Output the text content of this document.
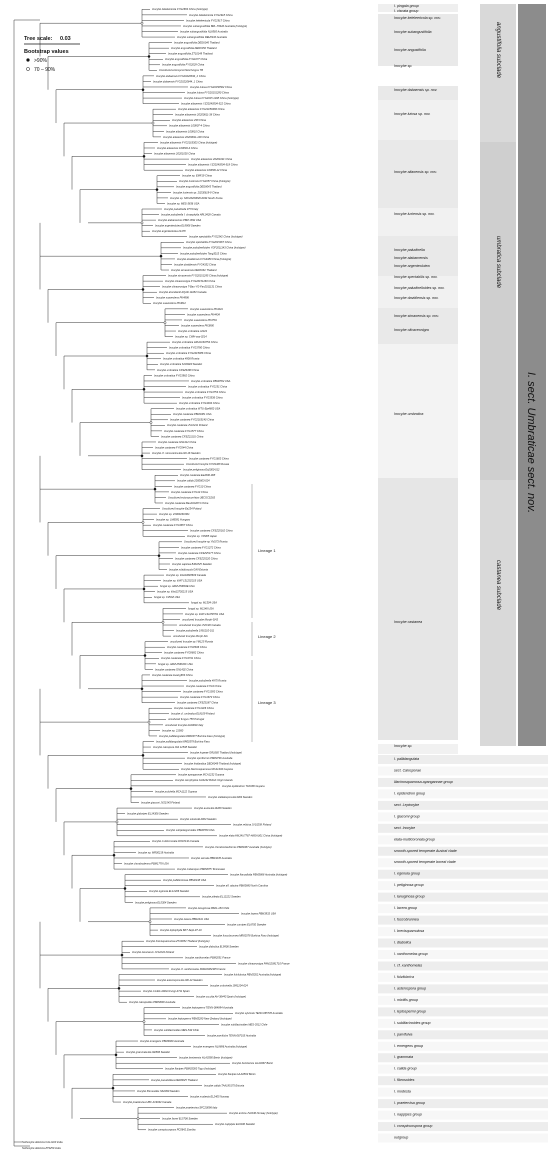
Inocybe keleleericola FYG2684 China (holotype)
Inocybe keleleericola FYG2918 China
Inocybe keleleericola FYG2917 China
Inocybe subangustifolia BRL-T6420 Australia (holotype)
Inocybe subangustifolia NL8565 Australia
Inocybe subangustifolia REH8310 Australia
Inocybe angustifolia DED8146 Thailand
Inocybe angustifolia DED8150 Thailand
Inocybe angustifolia ZT10149 Thailand
Inocybe angustifolia FYG1077 China
Inocybe angustifolia FYG2029 China
Uncultured ectomycorrhizal fungus TB
Inocybe dabaensis FYG20220844_2 China
Inocybe dabaensis FYG20220844_1 China
Inocybe lutosa FYG20150562 China
Inocybe lutosa FYG20151290 China
Inocybe lutosa FYG2015 1298 China (holotype)
Inocybe ailaoensis YZ20240504-522 China
Inocybe ailaoensis FYG20150486 China
Inocybe ailaoensis 20200611-38 China
Inocybe ailaoensis 298 China
Inocybe ailaoensis 100807-4 China
Inocybe ailaoensis 100810 China
Inocybe ailaoensis 20200611-100 China
Inocybe ailaoensis FYG2015303 China (holotype)
Inocybe ailaoensis 100803-4 China
Inocybe ailaoensis 20201030 China
Inocybe ailaoensis 20201031 China
Inocybe ailaoensis YZ20240504-518 China
Inocybe ailaoensis 100809-12 China
Inocybe sp. EMF19 China
Inocybe luxiensis FYG2057 China (holotype)
Inocybe angustifolia DED8043 Thailand
Inocybe luxiensis sp. 20230619-9 China
Inocybe sp. SFC20200826-0034 South Korea
Inocybe sp. MES-3836 USA
Inocybe paludinella 9774 Italy
Inocybe paludinella f. chrysphylla HRL0428 Canada
Inocybe alabamensis PBM 1892 USA
Inocybe argenteolutea EL9908 Sweden
Inocybe argenteolutea 21478
Inocybe spectabilis FYG2342 China (holotype)
Inocybe spectabilis FYG2015067 China
Inocybe paludinelloides YGF2011143 China (holotype)
Inocybe paludinelloides Tang3013 China
Inocybe davidiensis FYG4380 China (holotype)
Inocybe davidiensis FYG4352 China
Inocybe simaoensis DED8161 Thailand
Inocybe simaoensis FYG20151295 China (holotype)
Inocybe olivaceonigra FYG20151260 China
Inocybe olivaceonigra T-Bau-YG-Fan2011131 China
Inocybe abundantii AQAD 14282 Canada
Inocybe suaveolens PK4996
Inocybe suaveolens PK4612
Inocybe suaveolens PK4441
Inocybe suaveolens PK4434
Inocybe suaveolens PK3781
Inocybe suaveolens PK3890
Inocybe umbratica AJ119
Inocybe sp. CWH-asy-0214
Inocybe umbratica HMJAU63754 China
Inocybe umbratica FYG3780 China
Inocybe umbratica FYG2015086 China
Inocybe umbratica 4806 Russia
Inocybe umbratica SJ03020 Sweden
Inocybe umbratica CFSZ3498 China
Inocybe umbratica FYG3982 China
Inocybe umbratica PBM2552 USA
Inocybe umbratica FYG251 China
Inocybe umbratica FYG3753 China
Inocybe umbratica FYG3536 China
Inocybe umbratica FYG4034 China
Inocybe umbratica WTU-Sja4800 USA
Inocybe castanea PBM1981 USA
Inocybe castanea FYG2015140 China
Inocybe castanea JV12211 Finland
Inocybe castanea FYG1577 China
Inocybe castanea CFSZ21101 China
Inocybe castanea GN1412 China
Inocybe castanea FYG544 China
Inocybe cf. nemorarina EL129-16 Sweden
Inocybe castanea FYG1603 China
Uncultured Inocybe KYM1408 Russia
Inocybe petiginosa Ea2000-012
Inocybe castanea Ea2000-008
Inocybe calida 2000603-024
Inocybe castanea FYG10 China
Inocybe castanea FYG14 China
Uncultured ectomycorrhiza UBCOCS263
Inocybe castanea Bau2014071 China
Uncultured Inocybe Ea234 Poland
Inocybe sp. ZJ0002SC601
Inocybe sp. LM6581 Hungary
Inocybe castanea FYG3657 China
Inocybe castanea CFSZ25162 China
Inocybe sp. YM365 Japan
Uncultured Inocybe sp.YM173 Russia
Inocybe castanea FYG1272 China
Inocybe castanea CFSZ25177 China
Inocybe castanea CFSZ25220 China
Inocybe sapinea BJ01825 Sweden
Inocybe rubidiuscula GA9 Estonia
Inocybe sp. iNat13648609 Canada
Inocybe sp. iNAT-131252315 USA
fungal sp. ARIZ-PM063E USA
Inocybe sp. iNat13730215 USA
fungal sp. C35A8 USA
fungal sp. M1304 USA
fungal sp. M1146 USA
Inocybe sp. iNAT-131258791 USA
uncultured Inocybe Morph-SH3
uncultured Inocybe UVIC46 Canada
Inocybe paludinella 1991210-011
uncultured Inocybe Morph-SG
uncultured Inocybe sp.YM125 Russia
Inocybe castanea FYG8636 China
Inocybe castanea FYG8692 China
Inocybe castanea FYG3741 China
fungal sp. ARIZ-PM033C USA
Inocybe castanea GN1402 China
Inocybe castanea Huang683 China
Inocybe paludinella 4875 Russia
Inocybe castanea FYG3 China
Inocybe castanea FYG1593 China
Inocybe castanea FYG1673 China
Inocybe castanea CFSZ5187 China
Inocybe castanea FYG1326 China
Inocybe cf. umbratica EL8109 Finland
uncultured fungus 758 Portugal
uncultured Inocybe d1d0001 Italy
Inocybe sp. 21560
Inocybe pallidangulata MR00377 Burkina Faso (holotype)
Inocybe pallidangulata MR00379 Burkina Faso
Inocybe calospora JFA 12538 Sweden
Inocybe hopeae OR1665 Thailand (holotype)
Inocybe sporiformis PBM3746 Australia
Inocybe thailandica DED8049 Thailand (holotype)
Inocybe lilacinosquamosa MCA1404 Guyana
Inocybe ayangannae MCA1232 Guyana
Inocybe xerophytica GU4242 British Virgin Islands
Inocybe epidendron TH8186 Guyana
Inocybe pulchella MCA1122 Guyana
Inocybe stellatospora EL3304 Sweden
Inocybe giacomi JV21543 Finland
Inocybe aurea EL14206 Sweden
Inocybe glabripes EL14306 Sweden
Inocybe soluta EL2904 Sweden
Inocybe relicina JV10258 Finland
Inocybe subpelargonoides PBM2550 USA
Inocybe elata HMJAU7767-HMJAU01 China (holotype)
Inocybe multicoronata DO1813A Canada
Inocybe chondroclaviformis PBM1667 Australia (holotype)
Inocybe sp. MR00219 Australia
Inocybe serrata PBM3235 Australia
Inocybe chondroderma PBM1778 USA
Inocybe melanopus PBM3975 Tennessee
Inocybe flavoalbida PBM3868 Australia (holotype)
Inocybe pallidicremea PBM2448 USA
Inocybe aff. alacina PBM3880 North Carolina
Inocybe egenula EL12206 Sweden
Inocybe pileata EL12222 Sweden
Inocybe petiginosa EL5304 Sweden
Inocybe lanuginosa BS01-184 Chile
Inocybe lacera PBM3933 USA
Inocybe lacera PBM2441 USA
Inocybe curvipes EL6700 Sweden
Inocybe leptophylla BK7-Sept-97-19
Inocybe fuscobrunnea MR00378 Burkina Faso (holotype)
Inocybe brevisquamulosa ZT10052 Thailand (holotype)
Inocybe diabolica EL9906 Sweden
Inocybe lacunarum JV12244 Finland
Inocybe xanthomelas PBM2051 France
Inocybe olivaceonigra PAM12081710 France
Inocybe cf. xanthomelas PAM10082305 France
Inocybe fulvilubrica PBM3352 Australia (holotype)
Inocybe asterospora EL100-14 Sweden
Inocybe umbrinella 1991204-024
Inocybe mixtilis ARAN-Fungi-4711 Spain
Inocybe occulta AH-36443 Spain (holotype)
Inocybe calospoides PBM3600 Australia
Inocybe leptospermi TENN-064894 Australia
Inocybe sylvicola TENN-065735 Australia
Inocybe leptospermi PBM3280 New Zealand (holotype)
Inocybe sublilacinoides MES-3512 Chile
Inocybe sublilacinoides MES-543 Chile
Inocybe parvifulva TENN-067015 Australia
Inocybe emergens PBM3600 Australia
Inocybe emergens NL8886 Australia (holotype)
Inocybe grammata EL102806 Sweden
Inocybe beninensis HLA0390 Benin (holotype)
Inocybe beninensis HLA0467 Benin
Inocybe flavipes PBM03383 Togo (holotype)
Inocybe flavipes HLA0563 Benin
Inocybe pseudoflexa DED8025 Thailand
Inocybe calida TAA185175 Estonia
Inocybe fibrosoides SS2990 Sweden
Inocybe modesta EL2405 Norway
Inocybe praetervisa UBC-F19334 Canada
Inocybe praetervisa SFC20096 Italy
Inocybe arctica JV2236 Norway (holotype)
Inocybe favrei EL5706 Sweden
Inocybe nappipes EL6106 Sweden
Inocybe conspicuospora PC0642 Zambia
I. pingala group
I. viscata group
Inocybe keleleericola sp. nov.
Inocybe subangustifolia
Inocybe angustifolia
Inocybe sp.
Inocybe dabaensis sp. nov.
Inocybe lutosa sp. nov.
Inocybe ailaoensis sp. nov.
Inocybe luxiensis sp. nov.
Inocybe paludinella
Inocybe alabamensis
Inocybe argenteolutea
Inocybe spectabilis sp. nov.
Inocybe paludinelloides sp. nov.
Inocybe davidiensis sp. nov.
Inocybe simaoensis sp. nov.
Inocybe olivaceonigra
Inocybe umbratica
Inocybe castanea
Inocybe sp.
I. pallidangulata
sect. Calosporae
lilacinosquamosa-ayangannae group
I. epidendron group
sect. Leptocybe
I. giacomi group
sect. Inocybe
elata-multicoronata group
smooth-spored temperate Austral clade
smooth-spored temperate boreal clade
I. egenula group
I. petiginosa group
I. lanuginosa group
I. lacera group
I. fuscobrunnea
I. brevisquamulosa
I. diabolica
I. xanthomelas group
I. cf. xanthomelas
I. fulvilubrica
I. asterospora group
I. mixtilis group
I. leptospermi group
I. sublilacinoides group
I. parvifulva
I. emergens group
I. grammata
I. calida group
I. fibrosoides
I. modesta
I. praetervisa group
I. nappipes group
I. conspicuospora group
outgroup
Tree scale: 0.03
Bootstrap values
>90%
70 – 90%	angustifolia subclade
umbratica subclade
castanea subclade
I. sect. Umbraticae sect. nov.
Lineage 1
Lineage 2
Lineage 3
Nothocybe distincta CAL1310 India
Nothocybe distincta ZT9250 India
